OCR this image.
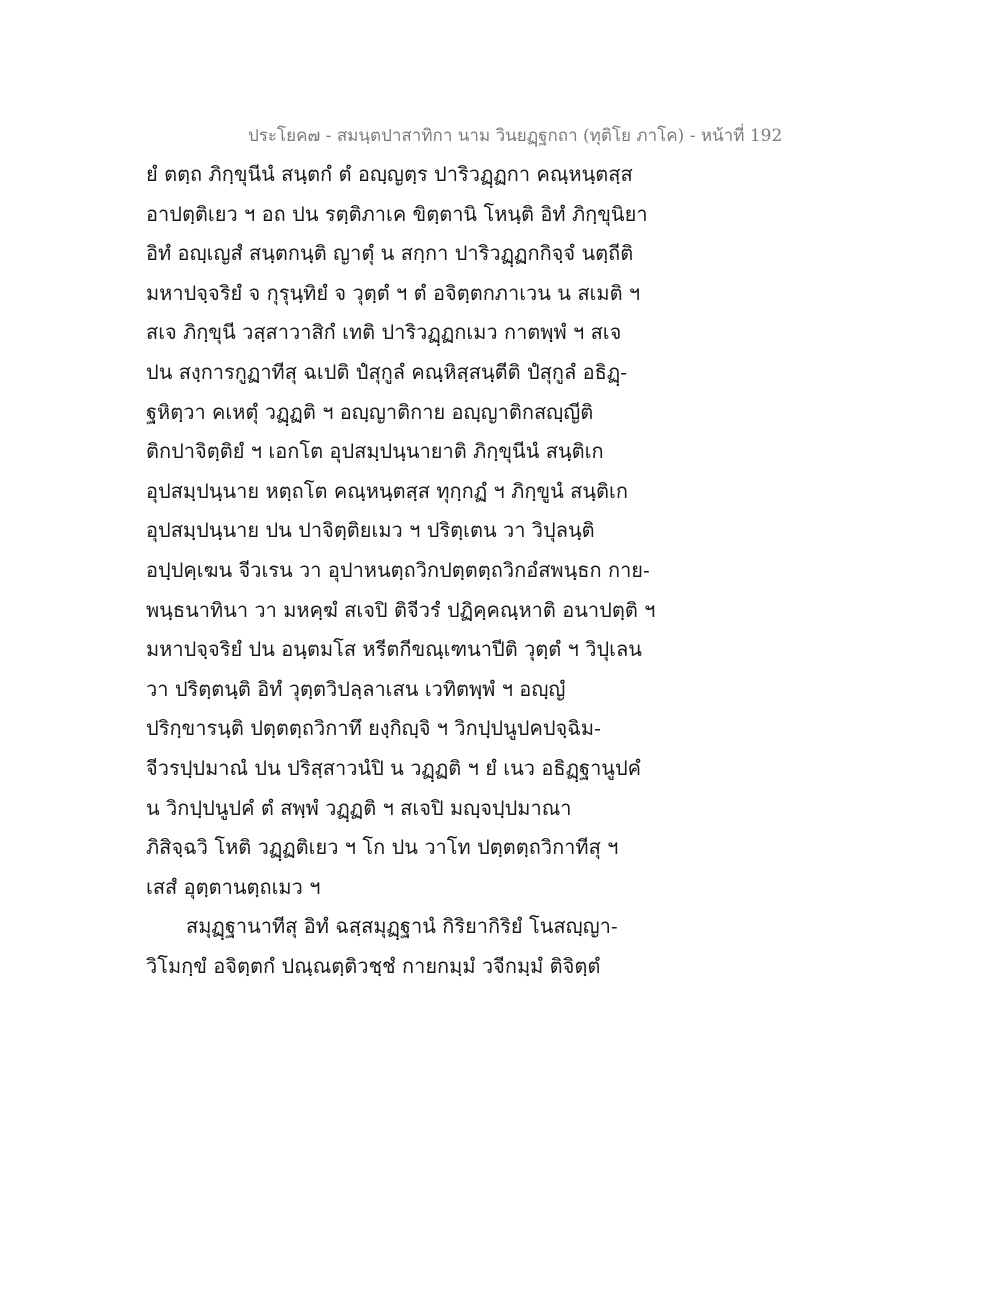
ประโยค๗ - สมนฺตปาสาทิกา นาม วินยฏฺฐกถา (ทุติโย ภาโค) - หน้าที่ 192
ยํ ตตฺถ ภิกฺขุนีนํ สนฺตกํ ตํ อญฺญตฺร ปาริวฏฺฏกา คณฺหนฺตสฺส
อาปตฺติเยว ฯ อถ ปน รตฺติภาเค ขิตฺตานิ โหนฺติ อิทํ ภิกฺขุนิยา
อิทํ อญฺเญสํ สนฺตกนฺติ ญาตุํ น สกฺกา ปาริวฏฺฏกกิจฺจํ นตฺถีติ
มหาปจฺจริยํ จ กุรุนฺทิยํ จ วุตฺตํ ฯ ตํ อจิตฺตกภาเวน น สเมติ ฯ
สเจ ภิกฺขุนี วสฺสาวาสิกํ เทติ ปาริวฏฺฏกเมว กาตพฺพํ ฯ สเจ
ปน สงฺการกูฏาทีสุ ฉเปติ ปํสุกูลํ คณฺหิสฺสนฺตีติ ปํสุกูลํ อธิฏฺ-
ฐหิตฺวา คเหตุํ วฏฺฏติ ฯ อญฺญาติกาย อญฺญาติกสญฺญีติ
ติกปาจิตฺติยํ ฯ เอกโต อุปสมฺปนฺนายาติ ภิกฺขุนีนํ สนฺติเก
อุปสมฺปนฺนาย หตฺถโต คณฺหนฺตสฺส ทุกฺกฏํ ฯ ภิกฺขูนํ สนฺติเก
อุปสมฺปนฺนาย ปน ปาจิตฺติยเมว ฯ ปริตฺเตน วา วิปุลนฺติ
อปฺปคฺเฆน จีวเรน วา อุปาหนตฺถวิกปตฺตตฺถวิกอํสพนฺธก กาย-
พนฺธนาทินา วา มหคฺฆํ สเจปิ ติจีวรํ ปฏิคฺคณฺหาติ อนาปตฺติ ฯ
มหาปจฺจริยํ ปน อนฺตมโส หรีตกีขณฺเฑนาปีติ วุตฺตํ ฯ วิปุเลน
วา ปริตฺตนฺติ อิทํ วุตฺตวิปลฺลาเสน เวทิตพฺพํ ฯ อญฺญํ
ปริกฺขารนฺติ ปตฺตตฺถวิกาทึ ยงฺกิญฺจิ ฯ วิกปฺปนูปคปจฺฉิม-
จีวรปฺปมาณํ ปน ปริสฺสาวนํปิ น วฏฺฏติ ฯ ยํ เนว อธิฏฺฐานูปคํ
น วิกปฺปนูปคํ ตํ สพฺพํ วฏฺฏติ ฯ สเจปิ มญฺจปฺปมาณา
ภิสิจฺฉวิ โหติ วฏฺฏติเยว ฯ โก ปน วาโท ปตฺตตฺถวิกาทีสุ ฯ
เสสํ อุตฺตานตฺถเมว ฯ
สมุฏฺฐานาทีสุ อิทํ ฉสฺสมุฏฺฐานํ กิริยากิริยํ โนสญฺญา-
วิโมกฺขํ อจิตฺตกํ ปณฺณตฺติวชฺชํ กายกมฺมํ วจีกมฺมํ ติจิตฺตํ
